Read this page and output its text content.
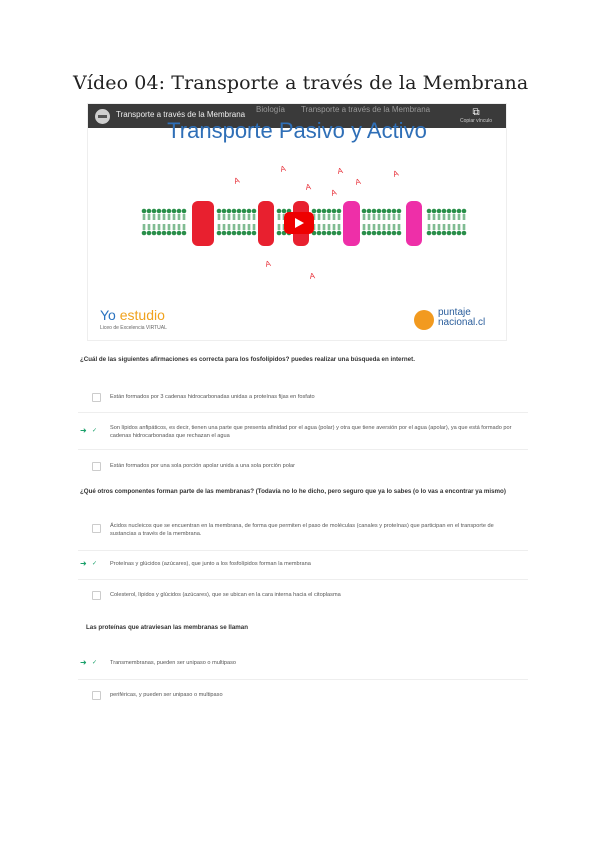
Vídeo 04: Transporte a través de la Membrana
Transporte a través de la Membrana
Biología Transporte a través de la Membrana	⧉
Copiar vínculo
Transporte Pasivo y Activo
A
A
A
A
A
A
A
A
A
Yo estudio
Liceo de Excelencia VIRTUAL
puntaje
nacional.cl
¿Cuál de las siguientes afirmaciones es correcta para los fosfolípidos? puedes realizar una búsqueda en internet.
Están formados por 3 cadenas hidrocarbonadas unidas a proteínas fijas en fosfato
➜ ✓ Son lípidos anfipáticos, es decir, tienen una parte que presenta afinidad por el agua (polar) y otra que tiene aversión por el agua (apolar), ya que está formado por cadenas hidrocarbonadas que rechazan el agua
Están formados por una sola porción apolar unida a una sola porción polar
¿Qué otros componentes forman parte de las membranas? (Todavía no lo he dicho, pero seguro que ya lo sabes (o lo vas a encontrar ya mismo)
Ácidos nucleicos que se encuentran en la membrana, de forma que permiten el paso de moléculas (canales y proteínas) que participan en el transporte de sustancias a través de la membrana.
➜ ✓ Proteínas y glúcidos (azúcares), que junto a los fosfolípidos forman la membrana
Colesterol, lípidos y glúcidos (azúcares), que se ubican en la cara interna hacia el citoplasma
Las proteínas que atraviesan las membranas se llaman
➜ ✓ Transmembranas, pueden ser unipaso o multipaso
periféricas, y pueden ser unipaso o multipaso
